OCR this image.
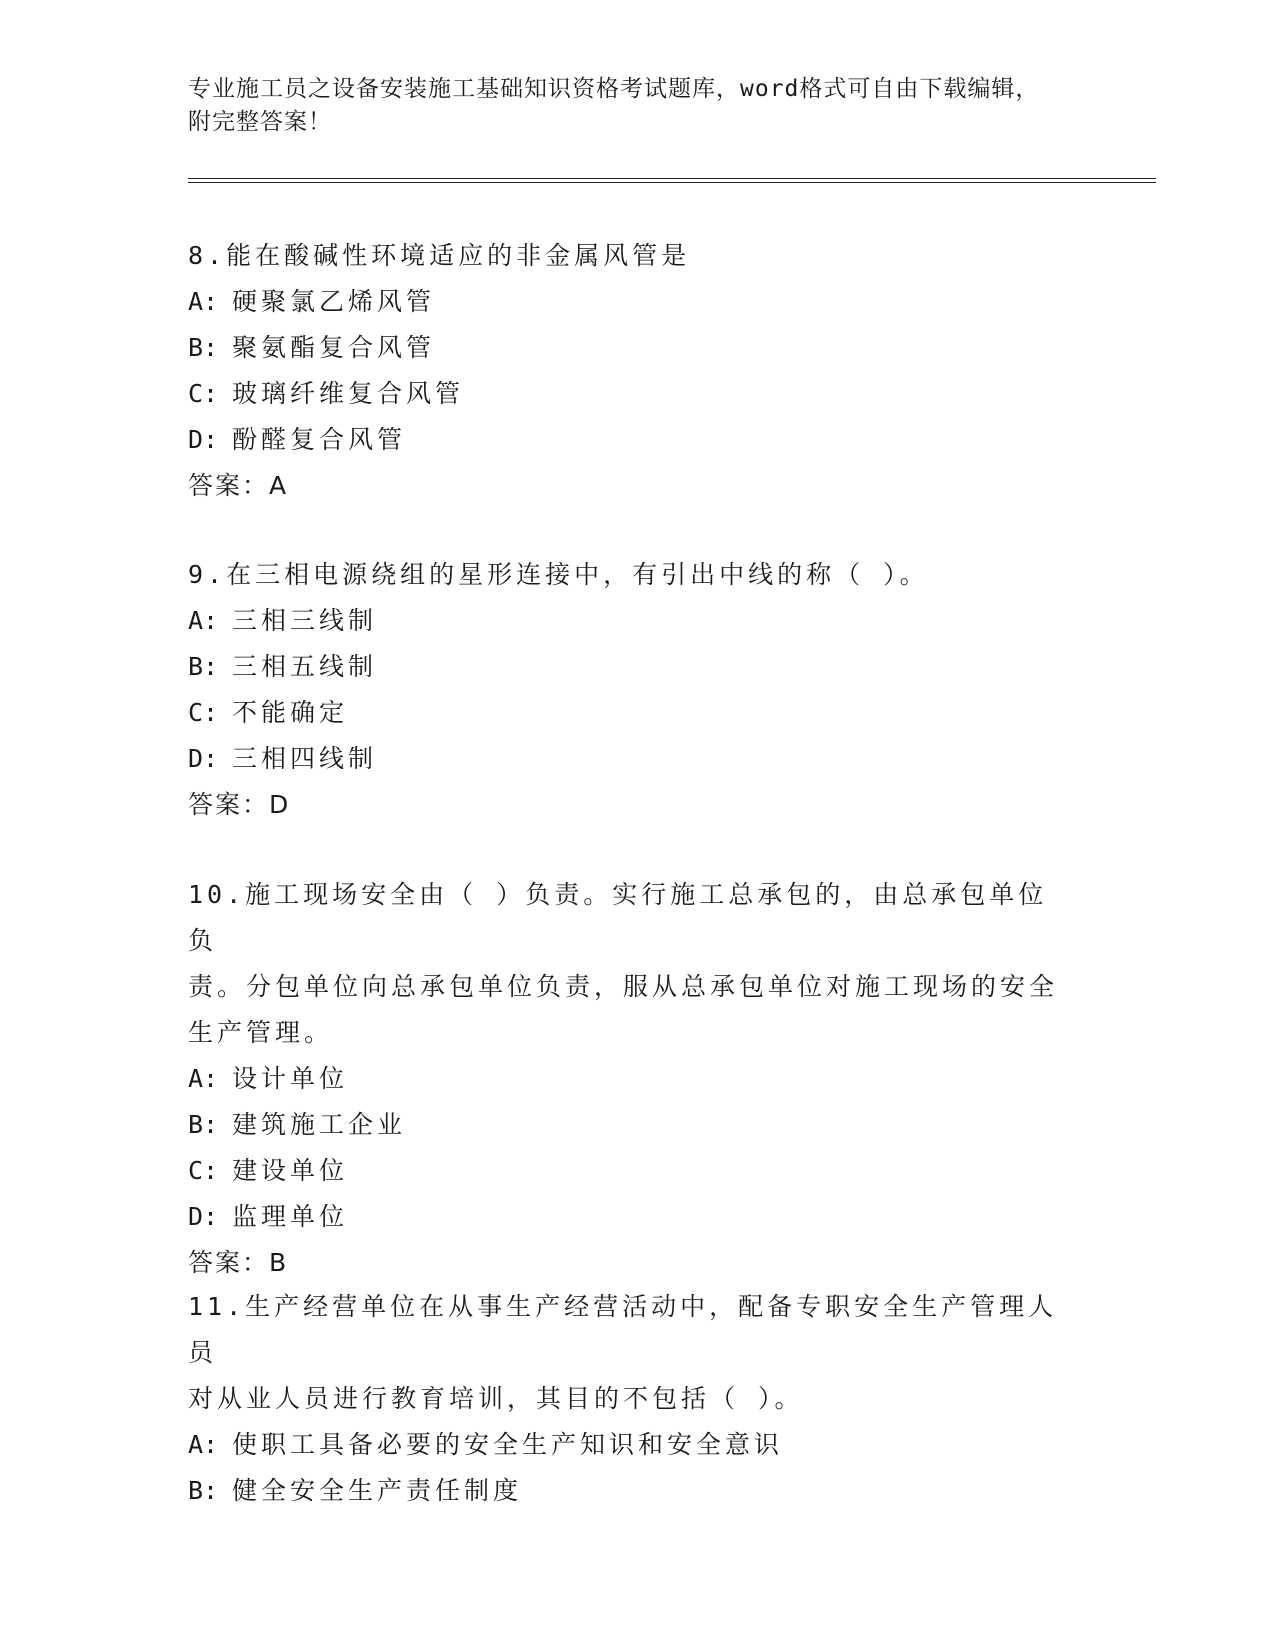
专业施工员之设备安装施工基础知识资格考试题库，word格式可自由下载编辑，
附完整答案！
8.能在酸碱性环境适应的非金属风管是
A: 硬聚氯乙烯风管
B: 聚氨酯复合风管
C: 玻璃纤维复合风管
D: 酚醛复合风管
答案：A
9.在三相电源绕组的星形连接中，有引出中线的称（ ）。
A: 三相三线制
B: 三相五线制
C: 不能确定
D: 三相四线制
答案：D
10.施工现场安全由（ ）负责。实行施工总承包的，由总承包单位负
责。分包单位向总承包单位负责，服从总承包单位对施工现场的安全
生产管理。
A: 设计单位
B: 建筑施工企业
C: 建设单位
D: 监理单位
答案：B
11.生产经营单位在从事生产经营活动中，配备专职安全生产管理人员
对从业人员进行教育培训，其目的不包括（ ）。
A: 使职工具备必要的安全生产知识和安全意识
B: 健全安全生产责任制度
